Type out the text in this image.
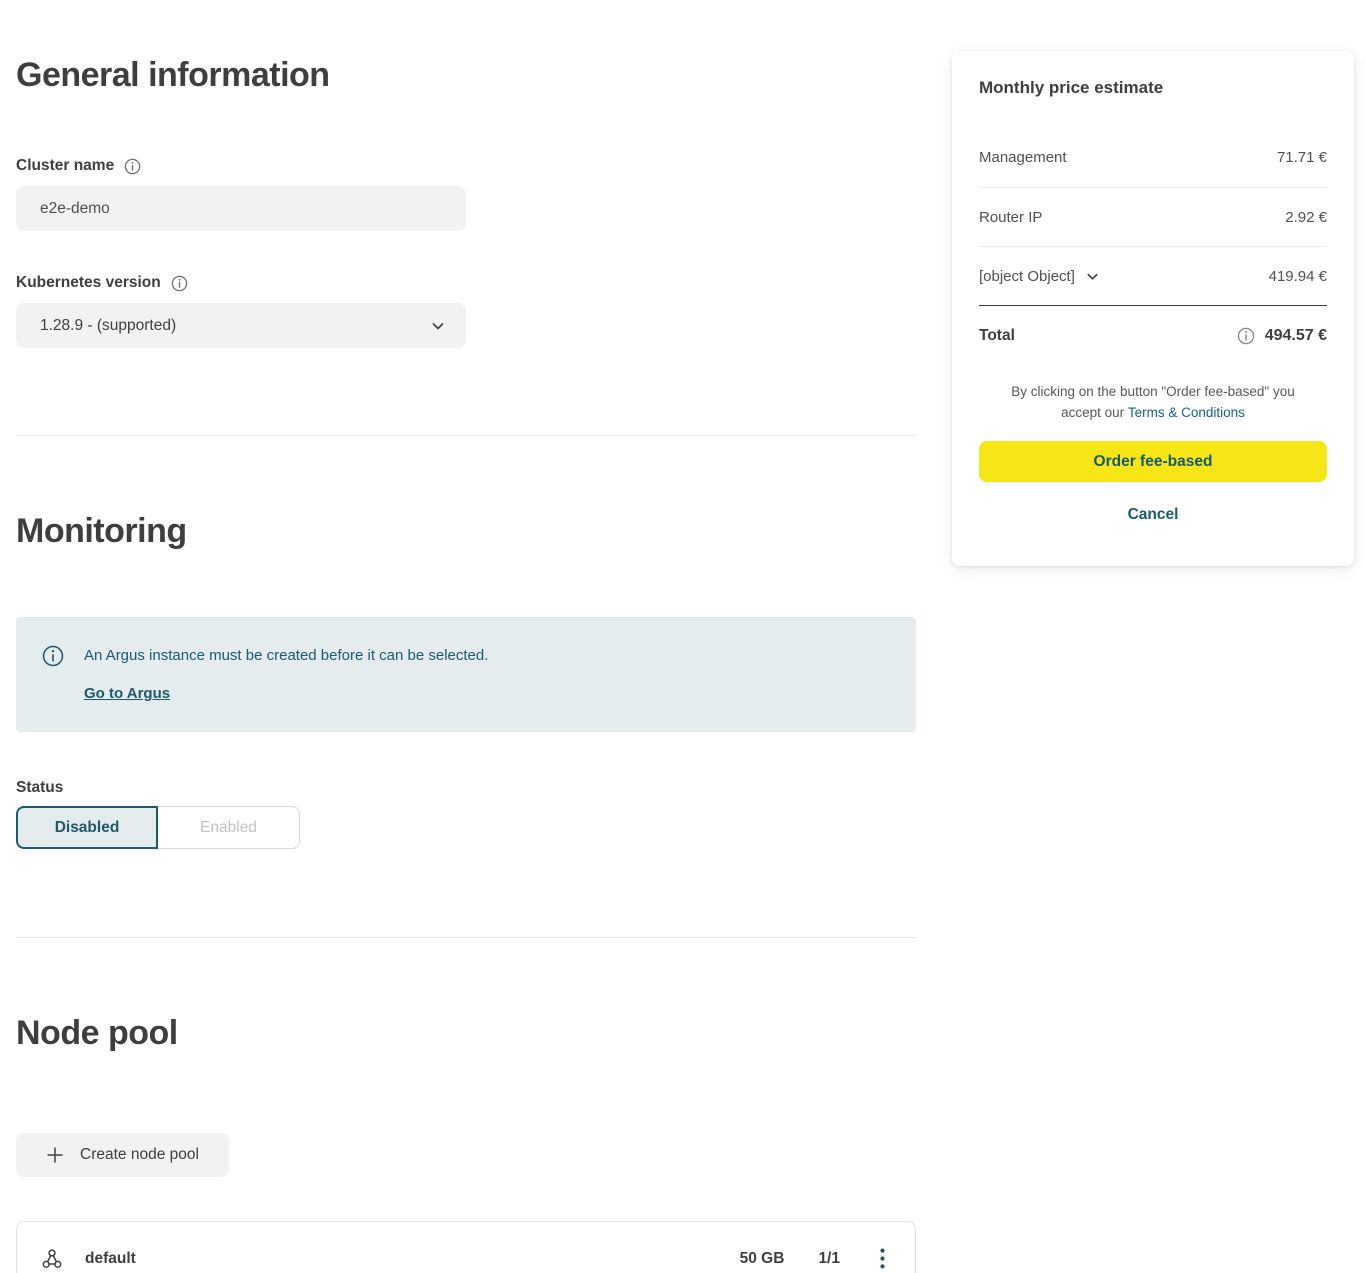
General information
Cluster name
e2e-demo
Kubernetes version
1.28.9 - (supported)
Monitoring
An Argus instance must be created before it can be selected.
Go to Argus
Status
Disabled	Enabled
Node pool
Create node pool
default	50 GB 1/1
Monthly price estimate
Management	71.71 €
Router IP	2.92 €
[object Object]	419.94 €
Total	494.57 €
By clicking on the button "Order fee-based" you
accept our Terms & Conditions
Order fee-based Cancel
